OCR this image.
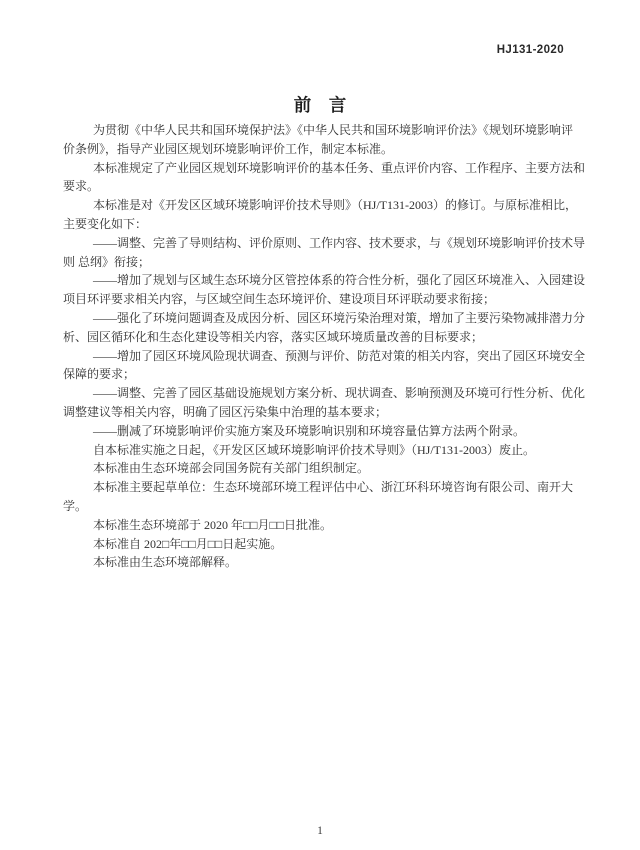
HJ131-2020
前　言
为贯彻《中华人民共和国环境保护法》《中华人民共和国环境影响评价法》《规划环境影响评
价条例》，指导产业园区规划环境影响评价工作，制定本标准。
本标准规定了产业园区规划环境影响评价的基本任务、重点评价内容、工作程序、主要方法和
要求。
本标准是对《开发区区域环境影响评价技术导则》（HJ/T131-2003）的修订。与原标准相比，
主要变化如下：
——调整、完善了导则结构、评价原则、工作内容、技术要求，与《规划环境影响评价技术导
则 总纲》衔接；
——增加了规划与区域生态环境分区管控体系的符合性分析，强化了园区环境准入、入园建设
项目环评要求相关内容，与区域空间生态环境评价、建设项目环评联动要求衔接；
——强化了环境问题调查及成因分析、园区环境污染治理对策，增加了主要污染物减排潜力分
析、园区循环化和生态化建设等相关内容，落实区域环境质量改善的目标要求；
——增加了园区环境风险现状调查、预测与评价、防范对策的相关内容，突出了园区环境安全
保障的要求；
——调整、完善了园区基础设施规划方案分析、现状调查、影响预测及环境可行性分析、优化
调整建议等相关内容，明确了园区污染集中治理的基本要求；
——删减了环境影响评价实施方案及环境影响识别和环境容量估算方法两个附录。
自本标准实施之日起，《开发区区域环境影响评价技术导则》（HJ/T131-2003）废止。
本标准由生态环境部会同国务院有关部门组织制定。
本标准主要起草单位：生态环境部环境工程评估中心、浙江环科环境咨询有限公司、南开大
学。
本标准生态环境部于 2020 年□□月□□日批准。
本标准自 202□年□□月□□日起实施。
本标准由生态环境部解释。
1
